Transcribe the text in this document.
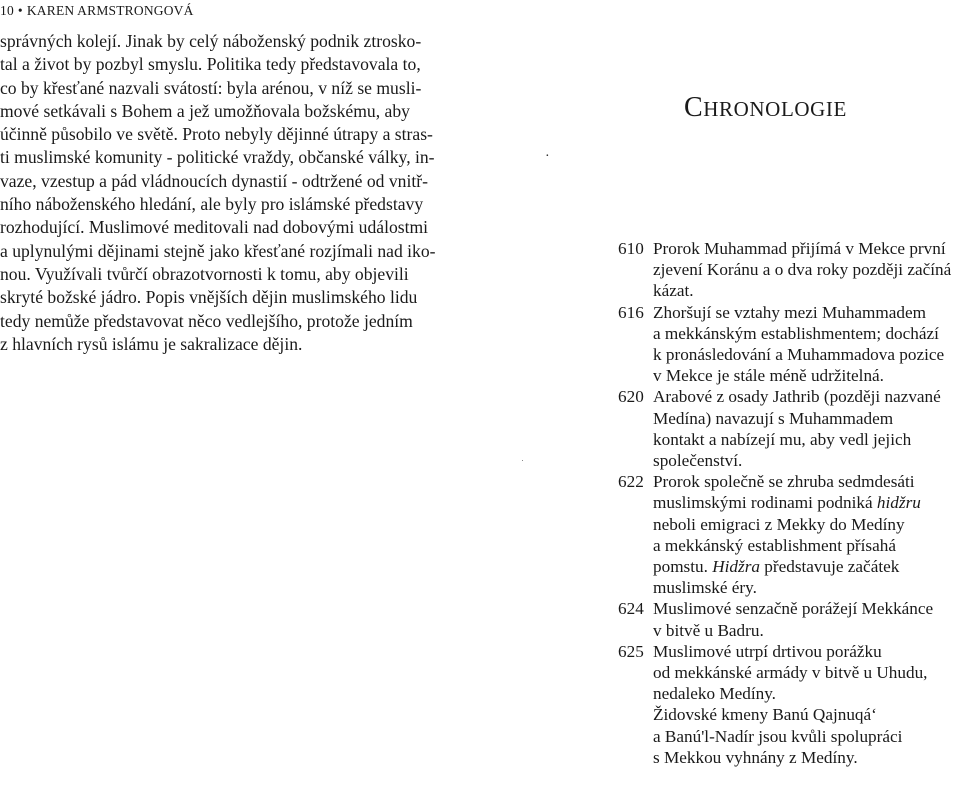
10 • KAREN ARMSTRONGOVÁ
správných kolejí. Jinak by celý náboženský podnik ztrosko-
tal a život by pozbyl smyslu. Politika tedy představovala to,
co by křesťané nazvali svátostí: byla arénou, v níž se musli-
mové setkávali s Bohem a jež umožňovala božskému, aby
účinně působilo ve světě. Proto nebyly dějinné útrapy a stras-
ti muslimské komunity - politické vraždy, občanské války, in-
vaze, vzestup a pád vládnoucích dynastií - odtržené od vnitř-
ního náboženského hledání, ale byly pro islámské představy
rozhodující. Muslimové meditovali nad dobovými událostmi
a uplynulými dějinami stejně jako křesťané rozjímali nad iko-
nou. Využívali tvůrčí obrazotvornosti k tomu, aby objevili
skryté božské jádro. Popis vnějších dějin muslimského lidu
tedy nemůže představovat něco vedlejšího, protože jedním
z hlavních rysů islámu je sakralizace dějin.
CHRONOLOGIE
·
610 Prorok Muhammad přijímá v Mekce první
zjevení Koránu a o dva roky později začíná
kázat.
616 Zhoršují se vztahy mezi Muhammadem
a mekkánským establishmentem; dochází
k pronásledování a Muhammadova pozice
v Mekce je stále méně udržitelná.
620 Arabové z osady Jathrib (později nazvané
Medína) navazují s Muhammadem
kontakt a nabízejí mu, aby vedl jejich
společenství.
622 Prorok společně se zhruba sedmdesáti
muslimskými rodinami podniká hidžru
neboli emigraci z Mekky do Medíny
a mekkánský establishment přísahá
pomstu. Hidžra představuje začátek
muslimské éry.
624 Muslimové senzačně porážejí Mekkánce
v bitvě u Badru.
625 Muslimové utrpí drtivou porážku
od mekkánské armády v bitvě u Uhudu,
nedaleko Medíny.
Židovské kmeny Banú Qajnuqá‘
a Banú'l-Nadír jsou kvůli spolupráci
s Mekkou vyhnány z Medíny.
